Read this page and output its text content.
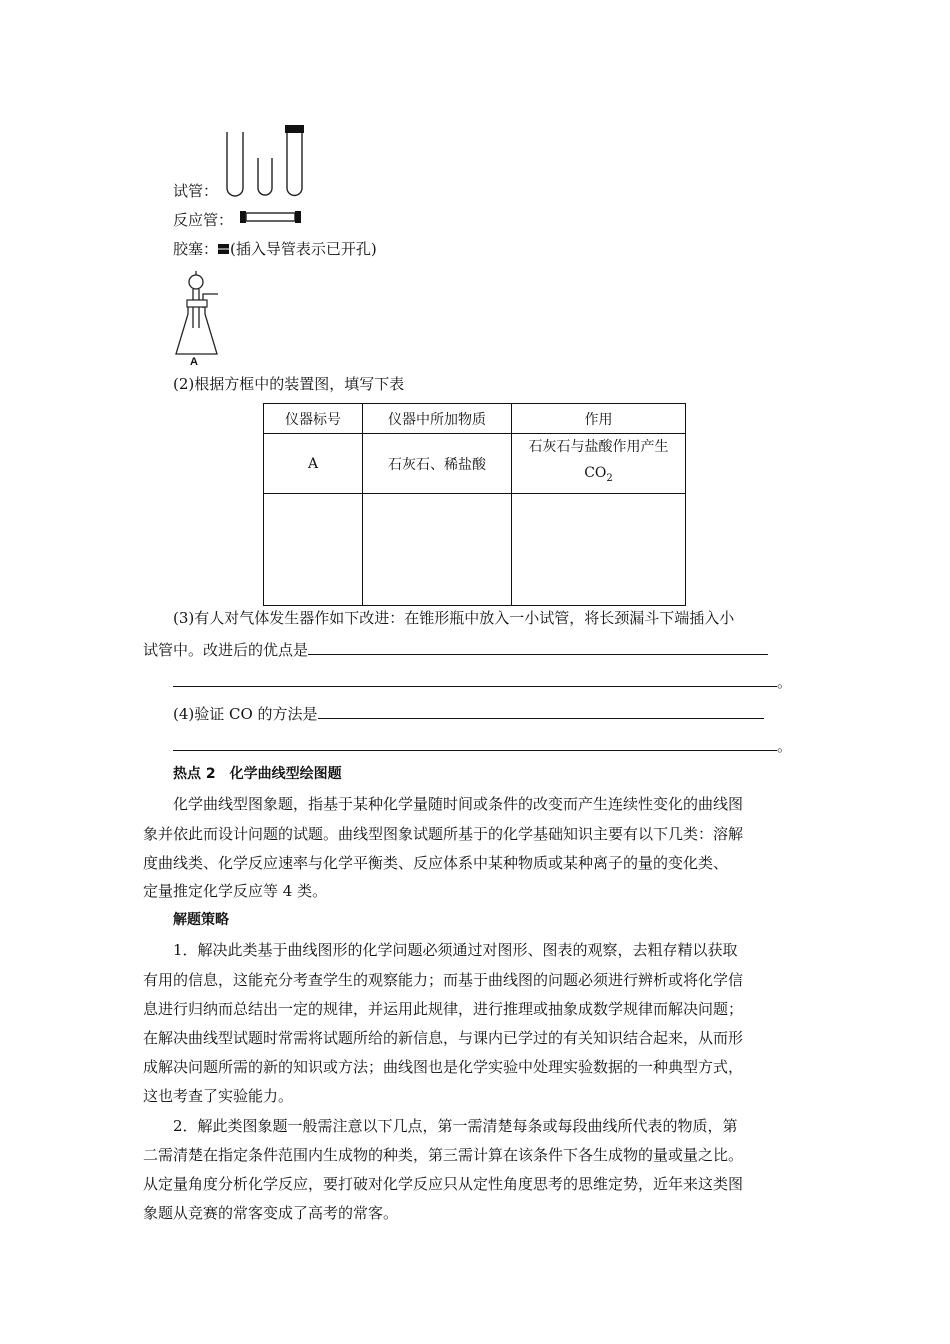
试管：
反应管：
胶塞： (插入导管表示已开孔)
A
(2)根据方框中的装置图，填写下表
仪器标号	仪器中所加物质	作用
A	石灰石、稀盐酸	石灰石与盐酸作用产生 $CO_2$

(3)有人对气体发生器作如下改进：在锥形瓶中放入一小试管，将长颈漏斗下端插入小
试管中。改进后的优点是
。
(4)验证 CO 的方法是
。
热点 2　化学曲线型绘图题
化学曲线型图象题，指基于某种化学量随时间或条件的改变而产生连续性变化的曲线图
象并依此而设计问题的试题。曲线型图象试题所基于的化学基础知识主要有以下几类：溶解
度曲线类、化学反应速率与化学平衡类、反应体系中某种物质或某种离子的量的变化类、
定量推定化学反应等 4 类。
解题策略
1．解决此类基于曲线图形的化学问题必须通过对图形、图表的观察，去粗存精以获取
有用的信息，这能充分考查学生的观察能力；而基于曲线图的问题必须进行辨析或将化学信
息进行归纳而总结出一定的规律，并运用此规律，进行推理或抽象成数学规律而解决问题；
在解决曲线型试题时常需将试题所给的新信息，与课内已学过的有关知识结合起来，从而形
成解决问题所需的新的知识或方法；曲线图也是化学实验中处理实验数据的一种典型方式，
这也考查了实验能力。
2．解此类图象题一般需注意以下几点，第一需清楚每条或每段曲线所代表的物质，第
二需清楚在指定条件范围内生成物的种类，第三需计算在该条件下各生成物的量或量之比。
从定量角度分析化学反应，要打破对化学反应只从定性角度思考的思维定势，近年来这类图
象题从竞赛的常客变成了高考的常客。
